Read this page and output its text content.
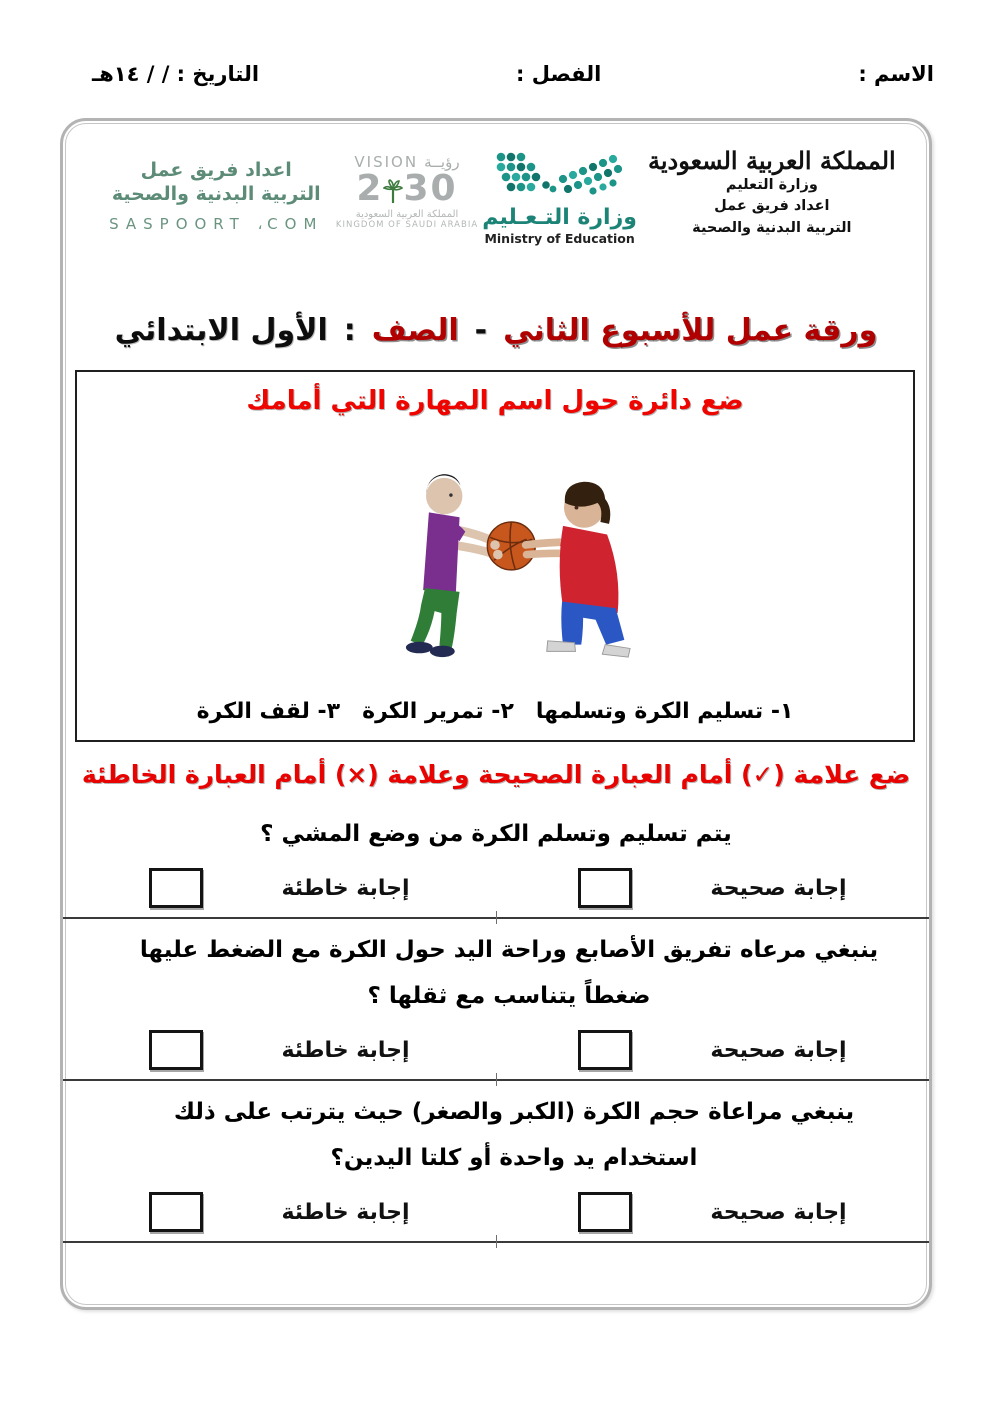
الاسم :
الفصل :
التاريخ : / / ١٤هـ
اعداد فريق عمل
التربية البدنية والصحية
SASPOORT ، COM
VISION رؤيــة
2 30
المملكة العربية السعودية
KINGDOM OF SAUDI ARABIA وزارة التـعـليم
Ministry of Education
المملكة العربية السعودية
وزارة التعليم
اعداد فريق عمل
التربية البدنية والصحية
ورقة عمل للأسبوع الثاني
-
الصف
:
الأول الابتدائي
ضع دائرة حول اسم المهارة التي أمامك
١- تسليم الكرة وتسلمها
٢- تمرير الكرة
٣- لقف الكرة
ضع علامة (✓) أمام العبارة الصحيحة وعلامة (×) أمام العبارة الخاطئة
يتم تسليم وتسلم الكرة من وضع المشي ؟
إجابة صحيحة
إجابة خاطئة
ينبغي مرعاه تفريق الأصابع وراحة اليد حول الكرة مع الضغط عليها ضغطاً يتناسب مع ثقلها ؟
إجابة صحيحة
إجابة خاطئة
ينبغي مراعاة حجم الكرة (الكبر والصغر) حيث يترتب على ذلك استخدام يد واحدة أو كلتا اليدين؟
إجابة صحيحة
إجابة خاطئة
